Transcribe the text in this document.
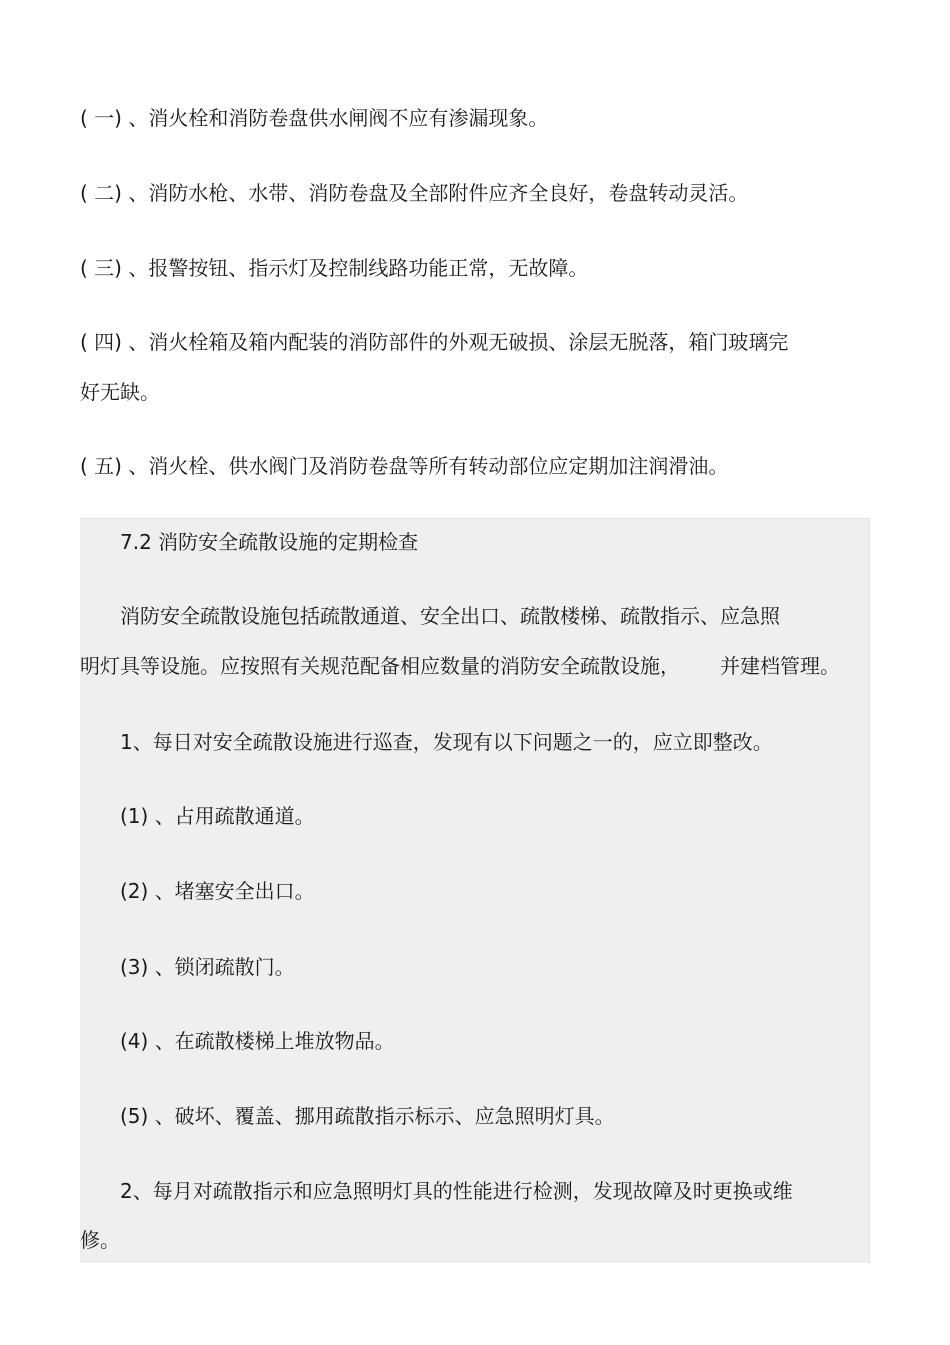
( 一) 、消火栓和消防卷盘供水闸阀不应有渗漏现象。

( 二) 、消防水枪、水带、消防卷盘及全部附件应齐全良好，卷盘转动灵活。

( 三) 、报警按钮、指示灯及控制线路功能正常，无故障。

( 四) 、消火栓箱及箱内配装的消防部件的外观无破损、涂层无脱落，箱门玻璃完

好无缺。

( 五) 、消火栓、供水阀门及消防卷盘等所有转动部位应定期加注润滑油。

7.2 消防安全疏散设施的定期检查

消防安全疏散设施包括疏散通道、安全出口、疏散楼梯、疏散指示、应急照

明灯具等设施。应按照有关规范配备相应数量的消防安全疏散设施， 并建档管理。

1、每日对安全疏散设施进行巡查，发现有以下问题之一的，应立即整改。

(1) 、占用疏散通道。

(2) 、堵塞安全出口。

(3) 、锁闭疏散门。

(4) 、在疏散楼梯上堆放物品。

(5) 、破坏、覆盖、挪用疏散指示标示、应急照明灯具。

2、每月对疏散指示和应急照明灯具的性能进行检测，发现故障及时更换或维

修。
